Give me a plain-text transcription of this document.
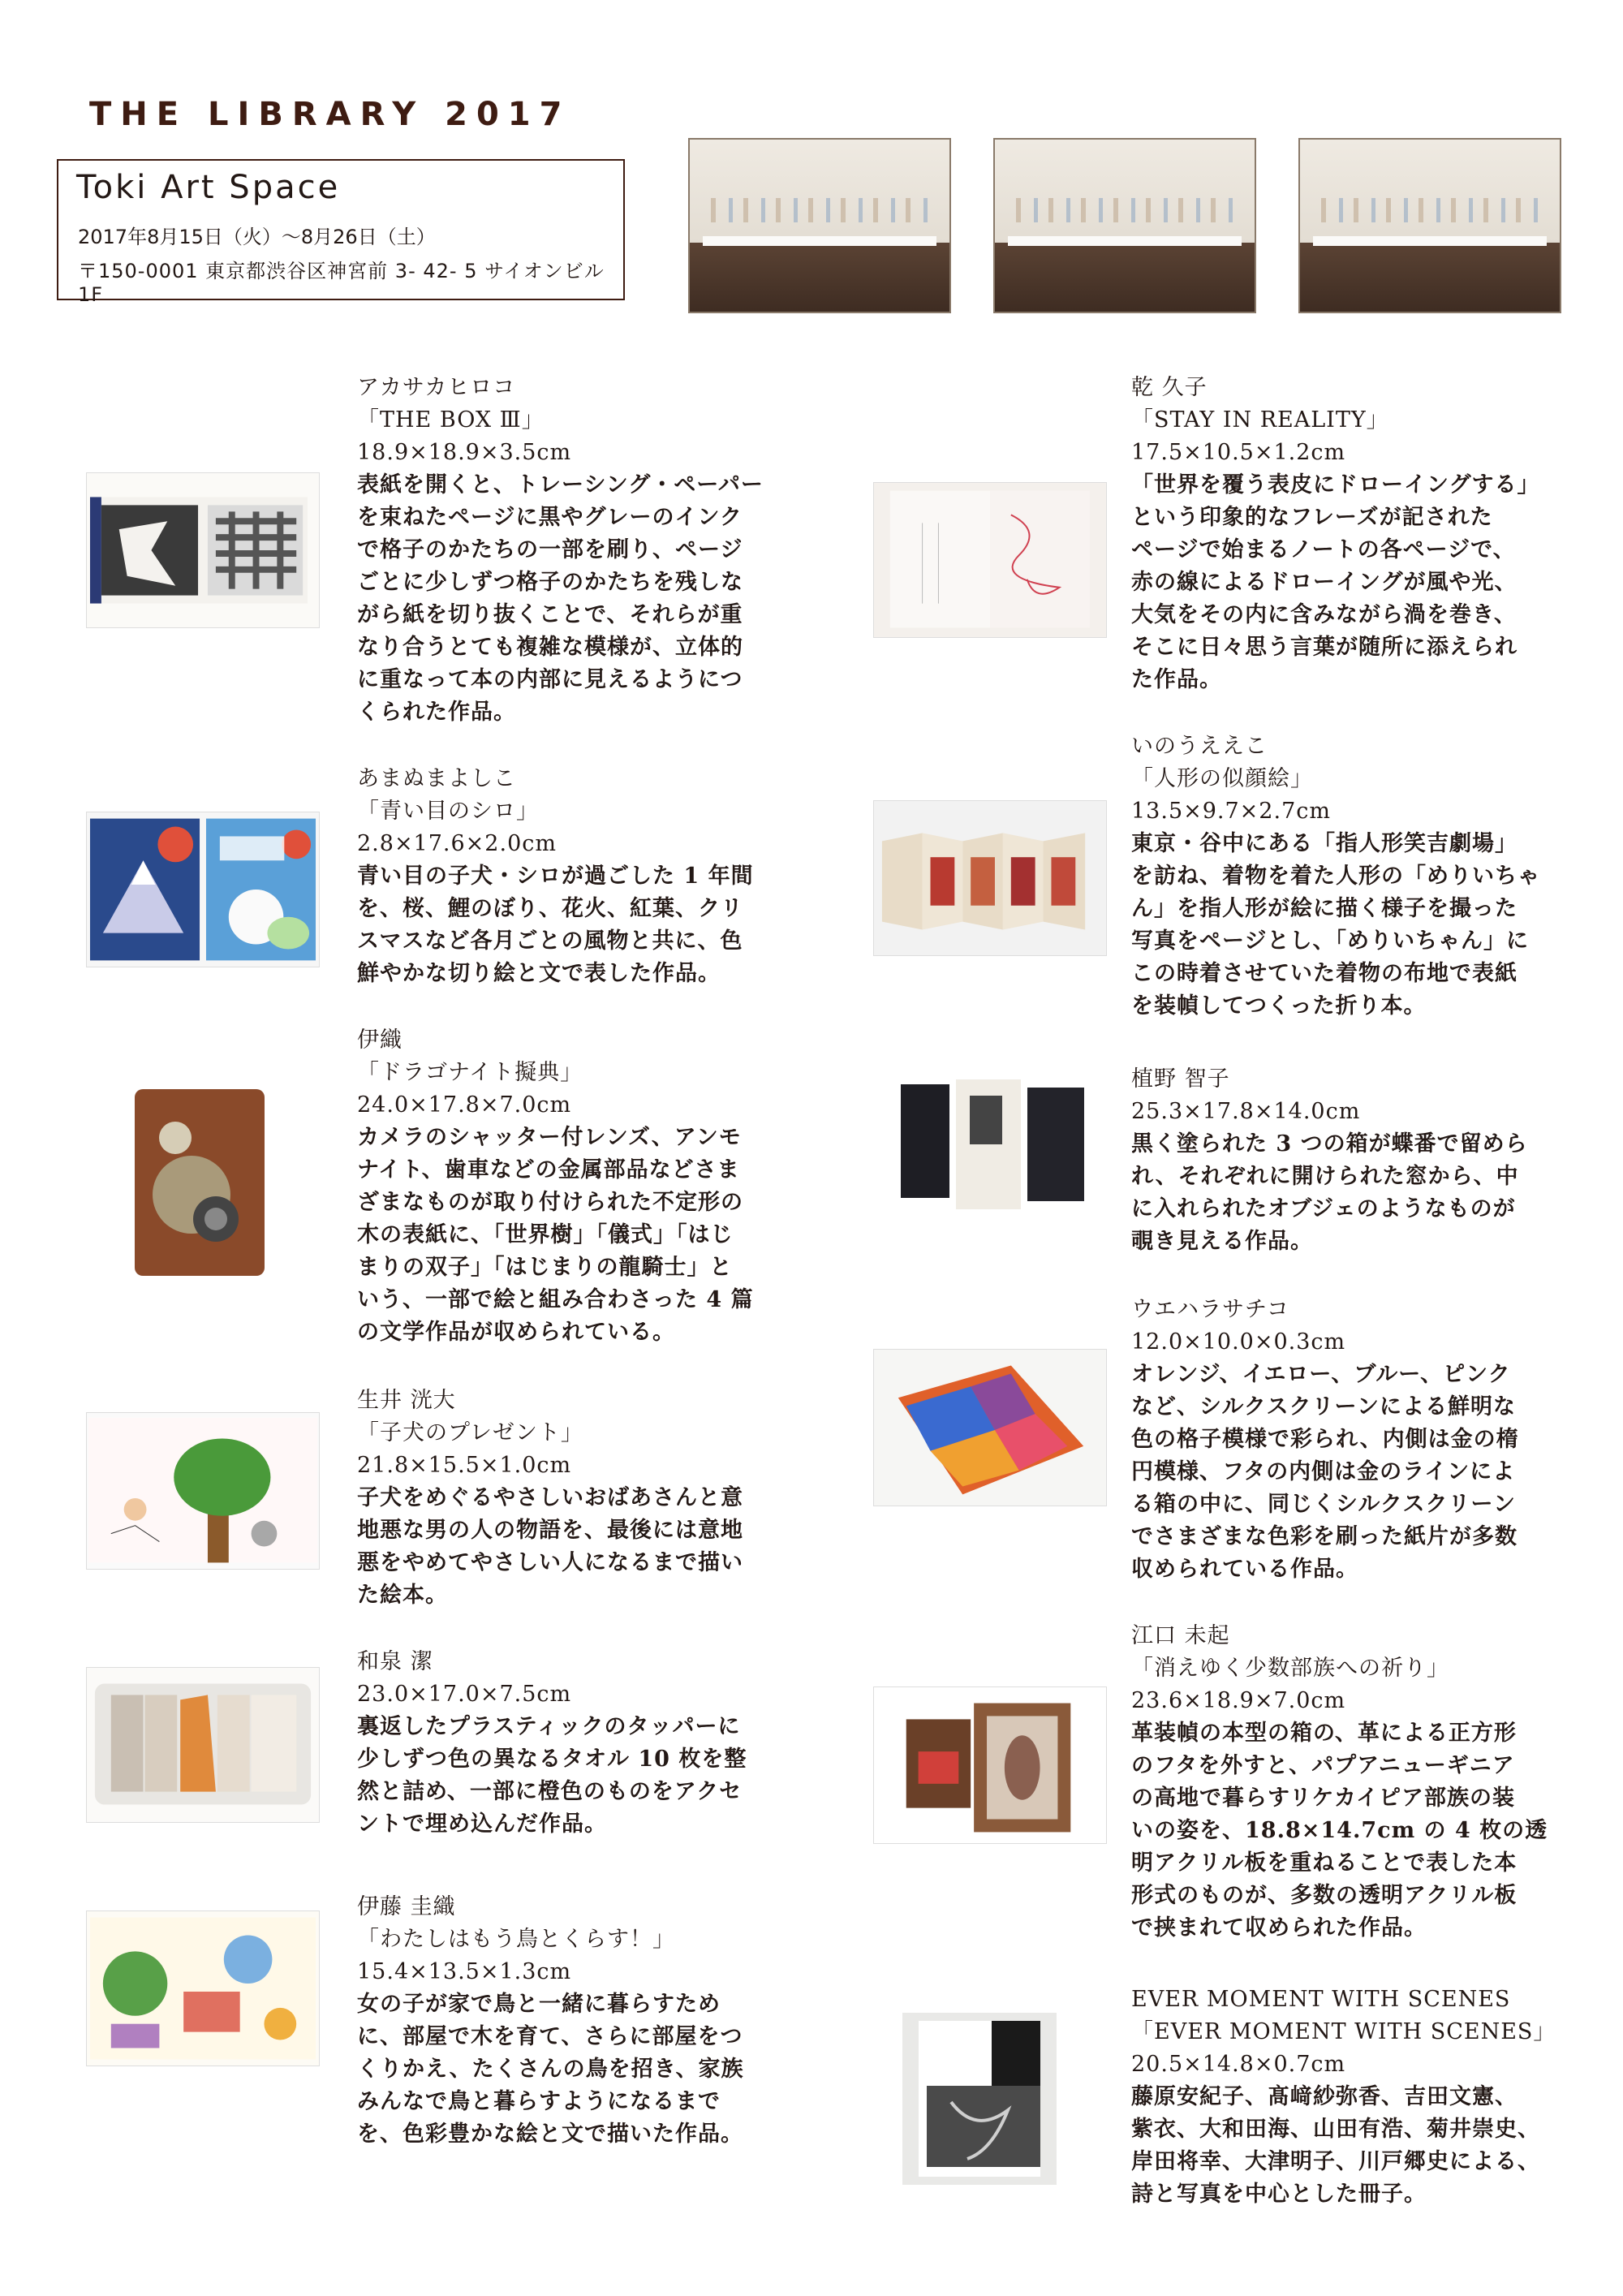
THE LIBRARY 2017
Toki Art Space
2017年8月15日（火）～8月26日（土）
〒150-0001 東京都渋谷区神宮前 3- 42- 5 サイオンビル1F
アカサカヒロコ
「THE BOX Ⅲ」
18.9×18.9×3.5cm
表紙を開くと、トレーシング・ペーパー
を束ねたページに黒やグレーのインク
で格子のかたちの一部を刷り、ページ
ごとに少しずつ格子のかたちを残しな
がら紙を切り抜くことで、それらが重
なり合うとても複雑な模様が、立体的
に重なって本の内部に見えるようにつ
くられた作品。
あまぬまよしこ
「青い目のシロ」
2.8×17.6×2.0cm
青い目の子犬・シロが過ごした 1 年間
を、桜、鯉のぼり、花火、紅葉、クリ
スマスなど各月ごとの風物と共に、色
鮮やかな切り絵と文で表した作品。
伊織
「ドラゴナイト擬典」
24.0×17.8×7.0cm
カメラのシャッター付レンズ、アンモ
ナイト、歯車などの金属部品などさま
ざまなものが取り付けられた不定形の
木の表紙に、「世界樹」「儀式」「はじ
まりの双子」「はじまりの龍騎士」と
いう、一部で絵と組み合わさった 4 篇
の文学作品が収められている。
生井 洸大
「子犬のプレゼント」
21.8×15.5×1.0cm
子犬をめぐるやさしいおばあさんと意
地悪な男の人の物語を、最後には意地
悪をやめてやさしい人になるまで描い
た絵本。
和泉 潔
23.0×17.0×7.5cm
裏返したプラスティックのタッパーに
少しずつ色の異なるタオル 10 枚を整
然と詰め、一部に橙色のものをアクセ
ントで埋め込んだ作品。
伊藤 圭織
「わたしはもう鳥とくらす！」
15.4×13.5×1.3cm
女の子が家で鳥と一緒に暮らすため
に、部屋で木を育て、さらに部屋をつ
くりかえ、たくさんの鳥を招き、家族
みんなで鳥と暮らすようになるまで
を、色彩豊かな絵と文で描いた作品。
乾 久子
「STAY IN REALITY」
17.5×10.5×1.2cm
「世界を覆う表皮にドローイングする」
という印象的なフレーズが記された
ページで始まるノートの各ページで、
赤の線によるドローイングが風や光、
大気をその内に含みながら渦を巻き、
そこに日々思う言葉が随所に添えられ
た作品。
いのうええこ
「人形の似顔絵」
13.5×9.7×2.7cm
東京・谷中にある「指人形笑吉劇場」
を訪ね、着物を着た人形の「めりいちゃ
ん」を指人形が絵に描く様子を撮った
写真をページとし、「めりいちゃん」に
この時着させていた着物の布地で表紙
を装幀してつくった折り本。
植野 智子
25.3×17.8×14.0cm
黒く塗られた 3 つの箱が蝶番で留めら
れ、それぞれに開けられた窓から、中
に入れられたオブジェのようなものが
覗き見える作品。
ウエハラサチコ
12.0×10.0×0.3cm
オレンジ、イエロー、ブルー、ピンク
など、シルクスクリーンによる鮮明な
色の格子模様で彩られ、内側は金の楕
円模様、フタの内側は金のラインによ
る箱の中に、同じくシルクスクリーン
でさまざまな色彩を刷った紙片が多数
収められている作品。
江口 未起
「消えゆく少数部族への祈り」
23.6×18.9×7.0cm
革装幀の本型の箱の、革による正方形
のフタを外すと、パプアニューギニア
の高地で暮らすリケカイピア部族の装
いの姿を、18.8×14.7cm の 4 枚の透
明アクリル板を重ねることで表した本
形式のものが、多数の透明アクリル板
で挟まれて収められた作品。
EVER MOMENT WITH SCENES
「EVER MOMENT WITH SCENES」
20.5×14.8×0.7cm
藤原安紀子、髙﨑紗弥香、吉田文憲、
紫衣、大和田海、山田有浩、菊井崇史、
岸田将幸、大津明子、川戸郷史による、
詩と写真を中心とした冊子。
